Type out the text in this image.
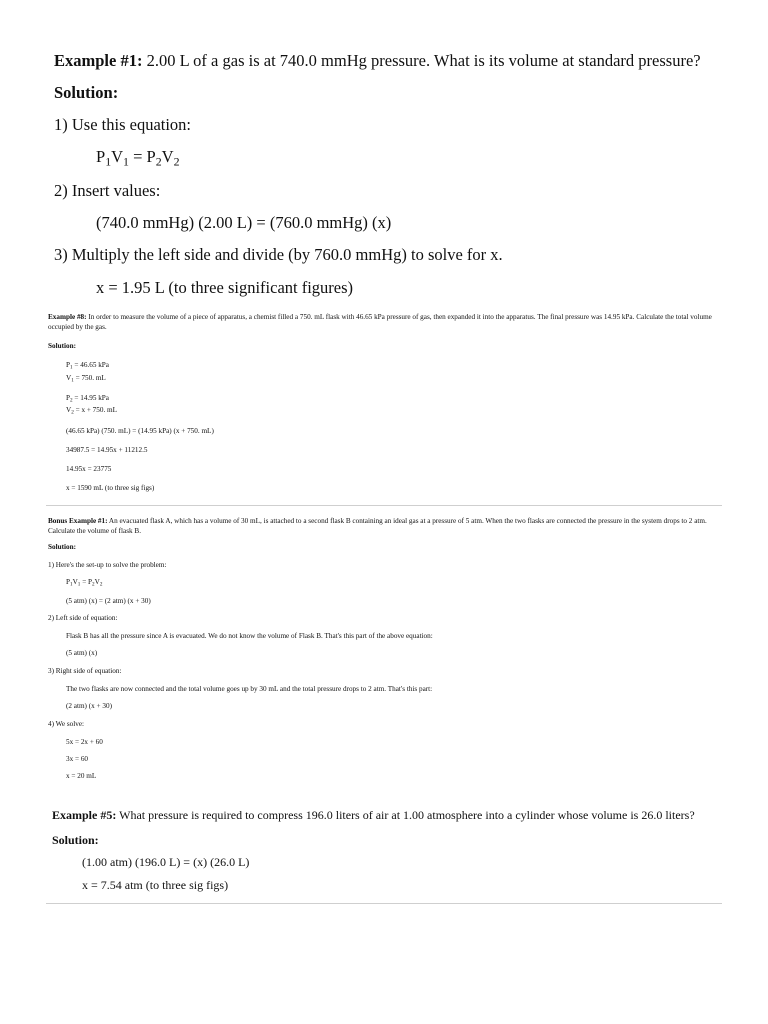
Example #1: 2.00 L of a gas is at 740.0 mmHg pressure. What is its volume at standard pressure?
Solution:
1) Use this equation:
$P_1V_1 = P_2V_2$
2) Insert values:
(740.0 mmHg) (2.00 L) = (760.0 mmHg) (x)
3) Multiply the left side and divide (by 760.0 mmHg) to solve for x.
x = 1.95 L (to three significant figures)
Example #8: In order to measure the volume of a piece of apparatus, a chemist filled a 750. mL flask with 46.65 kPa pressure of gas, then expanded it into the apparatus. The final pressure was 14.95 kPa. Calculate the total volume occupied by the gas.
Solution:
$P_1 = 46.65$ kPa
$V_1 = 750$. mL
$P_2 = 14.95$ kPa
$V_2 = x + 750$. mL
(46.65 kPa) (750. mL) = (14.95 kPa) (x + 750. mL)
34987.5 = 14.95x + 11212.5
14.95x = 23775
x = 1590 mL (to three sig figs)
Bonus Example #1: An evacuated flask A, which has a volume of 30 mL, is attached to a second flask B containing an ideal gas at a pressure of 5 atm. When the two flasks are connected the pressure in the system drops to 2 atm. Calculate the volume of flask B.
Solution:
1) Here's the set-up to solve the problem:
$P_1V_1 = P_2V_2$
(5 atm) (x) = (2 atm) (x + 30)
2) Left side of equation:
Flask B has all the pressure since A is evacuated. We do not know the volume of Flask B. That's this part of the above equation:
(5 atm) (x)
3) Right side of equation:
The two flasks are now connected and the total volume goes up by 30 mL and the total pressure drops to 2 atm. That's this part:
(2 atm) (x + 30)
4) We solve:
5x = 2x + 60
3x = 60
x = 20 mL
Example #5: What pressure is required to compress 196.0 liters of air at 1.00 atmosphere into a cylinder whose volume is 26.0 liters?
Solution:
(1.00 atm) (196.0 L) = (x) (26.0 L)
x = 7.54 atm (to three sig figs)
